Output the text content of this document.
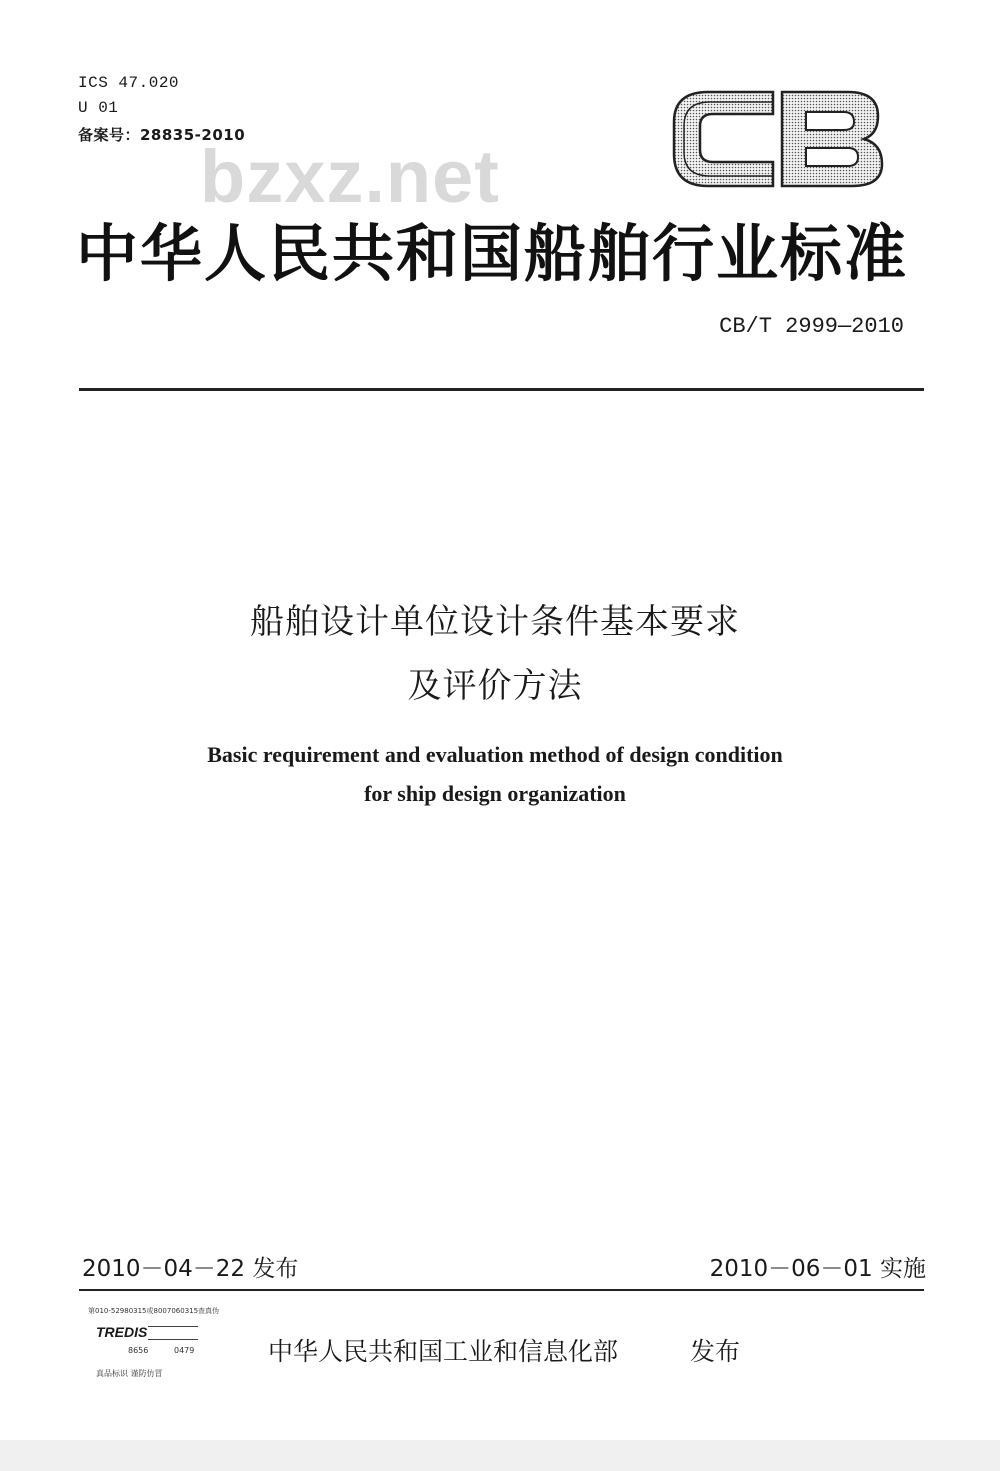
ICS 47.020
U 01
备案号：28835-2010
CB
bzxz.net
中华人民共和国船舶行业标准
CB/T 2999—2010
船舶设计单位设计条件基本要求
及评价方法
Basic requirement and evaluation method of design condition
for ship design organization
2010－04－22 发布	2010－06－01 实施
第010-52980315或8007060315查真伪
TREDIS
8656	0479
真品标识 谨防仿冒
中华人民共和国工业和信息化部	发布
